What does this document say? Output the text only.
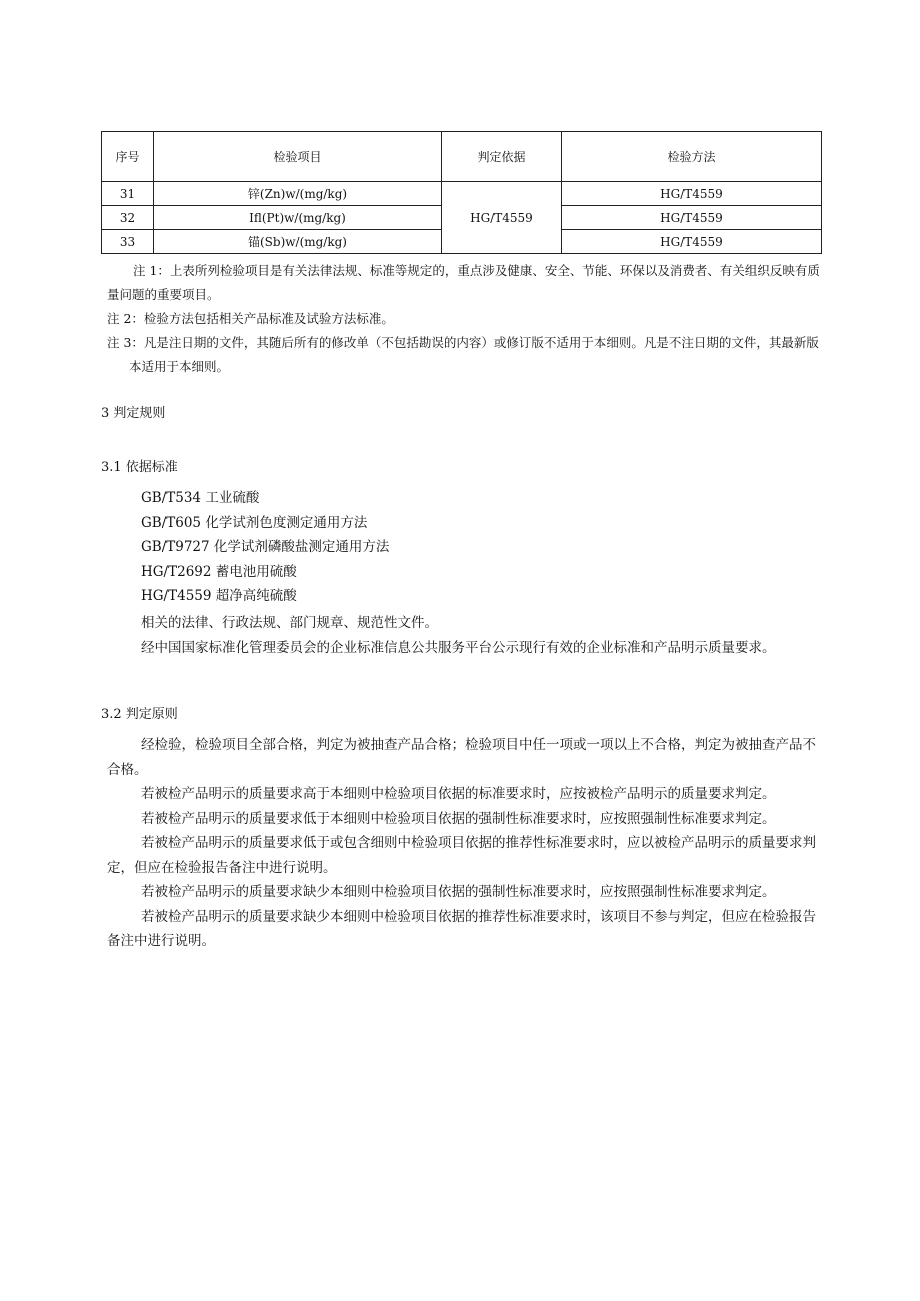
序号	检验项目	判定依据	检验方法
31	锌(Zn)w/(mg/kg)	HG/T4559	HG/T4559
32	Ifl(Pt)w/(mg/kg)		HG/T4559
33	锚(Sb)w/(mg/kg)		HG/T4559

注 1：上表所列检验项目是有关法律法规、标准等规定的，重点涉及健康、安全、节能、环保以及消费者、有关组织反映有质量问题的重要项目。

注 2：检验方法包括相关产品标准及试验方法标准。

注 3：凡是注日期的文件，其随后所有的修改单（不包括勘误的内容）或修订版不适用于本细则。凡是不注日期的文件，其最新版本适用于本细则。

3 判定规则
3.1 依据标准
GB/T534 工业硫酸
GB/T605 化学试剂色度测定通用方法
GB/T9727 化学试剂磷酸盐测定通用方法
HG/T2692 蓄电池用硫酸
HG/T4559 超净高纯硫酸

相关的法律、行政法规、部门规章、规范性文件。

经中国国家标准化管理委员会的企业标准信息公共服务平台公示现行有效的企业标准和产品明示质量要求。

3.2 判定原则

经检验，检验项目全部合格，判定为被抽查产品合格；检验项目中任一项或一项以上不合格，判定为被抽查产品不合格。

若被检产品明示的质量要求高于本细则中检验项目依据的标准要求时，应按被检产品明示的质量要求判定。

若被检产品明示的质量要求低于本细则中检验项目依据的强制性标准要求时，应按照强制性标准要求判定。

若被检产品明示的质量要求低于或包含细则中检验项目依据的推荐性标准要求时，应以被检产品明示的质量要求判定，但应在检验报告备注中进行说明。

若被检产品明示的质量要求缺少本细则中检验项目依据的强制性标准要求时，应按照强制性标准要求判定。

若被检产品明示的质量要求缺少本细则中检验项目依据的推荐性标准要求时，该项目不参与判定，但应在检验报告备注中进行说明。
